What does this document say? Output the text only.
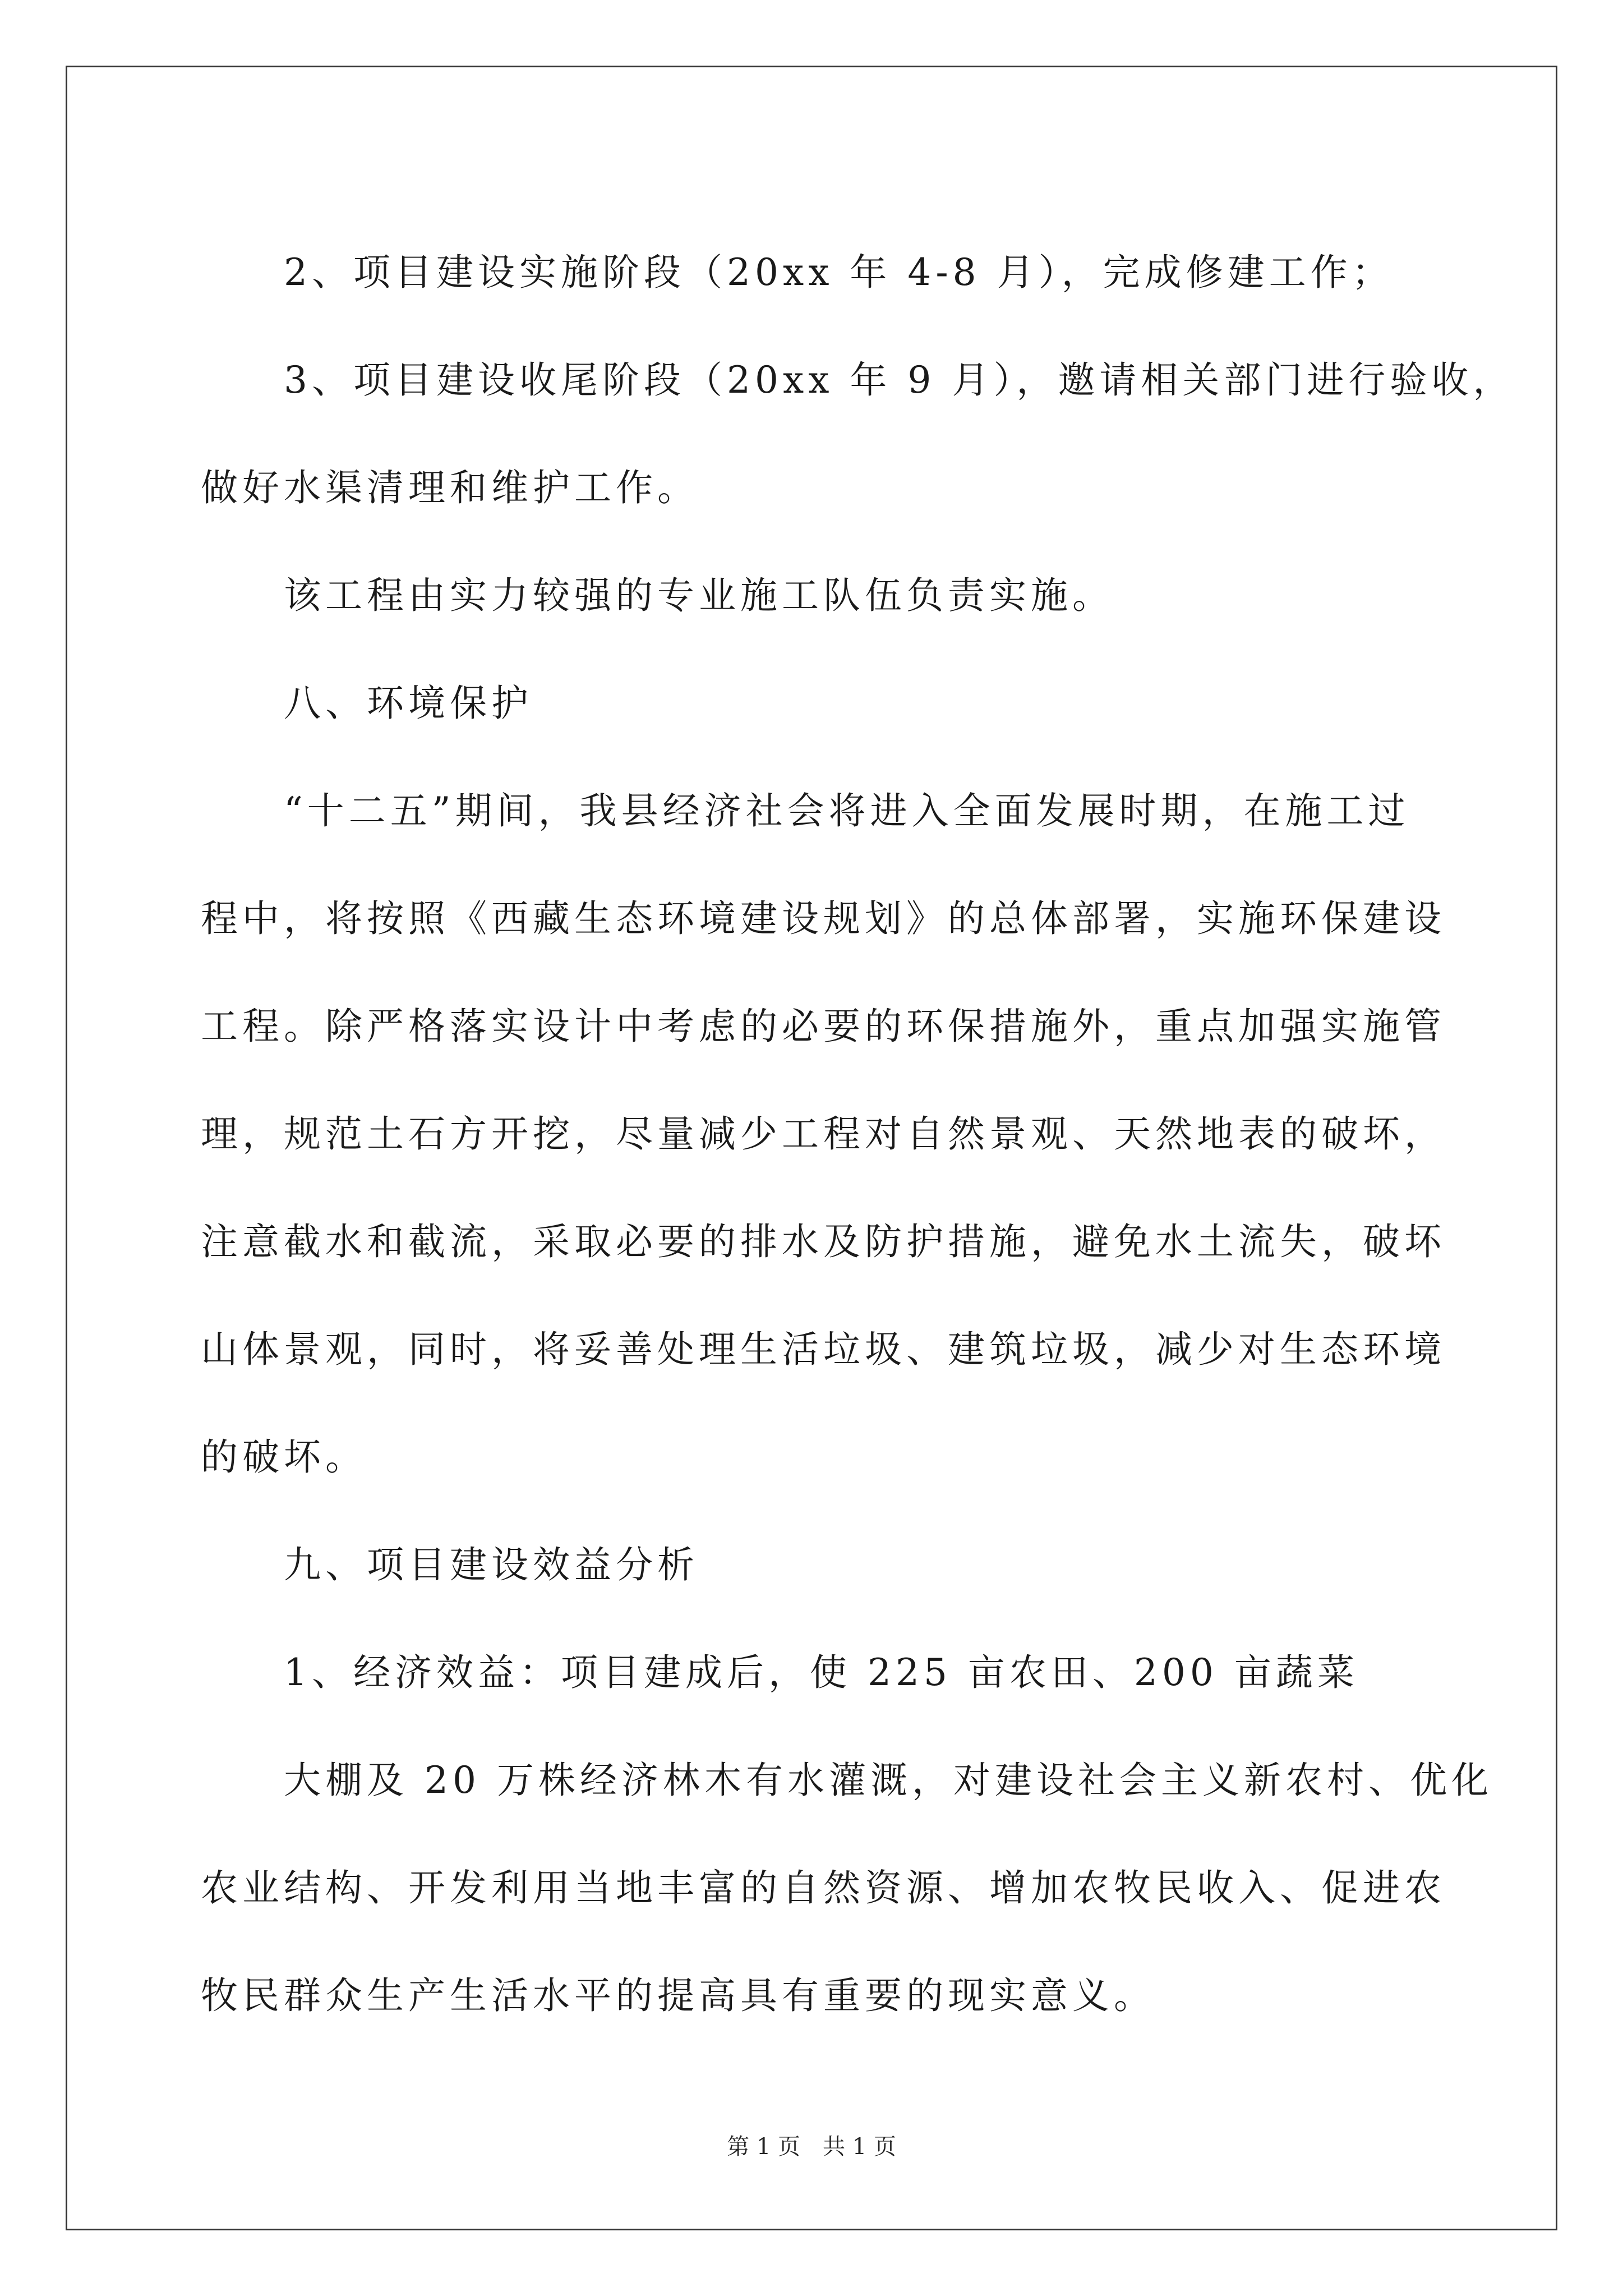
2、项目建设实施阶段（20xx 年 4-8 月），完成修建工作；

3、项目建设收尾阶段（20xx 年 9 月），邀请相关部门进行验收，

做好水渠清理和维护工作。

该工程由实力较强的专业施工队伍负责实施。

八、环境保护

“十二五”期间，我县经济社会将进入全面发展时期，在施工过

程中，将按照《西藏生态环境建设规划》的总体部署，实施环保建设

工程。除严格落实设计中考虑的必要的环保措施外，重点加强实施管

理，规范土石方开挖，尽量减少工程对自然景观、天然地表的破坏，

注意截水和截流，采取必要的排水及防护措施，避免水土流失，破坏

山体景观，同时，将妥善处理生活垃圾、建筑垃圾，减少对生态环境

的破坏。

九、项目建设效益分析

1、经济效益：项目建成后，使 225 亩农田、200 亩蔬菜

大棚及 20 万株经济林木有水灌溉，对建设社会主义新农村、优化

农业结构、开发利用当地丰富的自然资源、增加农牧民收入、促进农

牧民群众生产生活水平的提高具有重要的现实意义。

第 1 页 共 1 页
